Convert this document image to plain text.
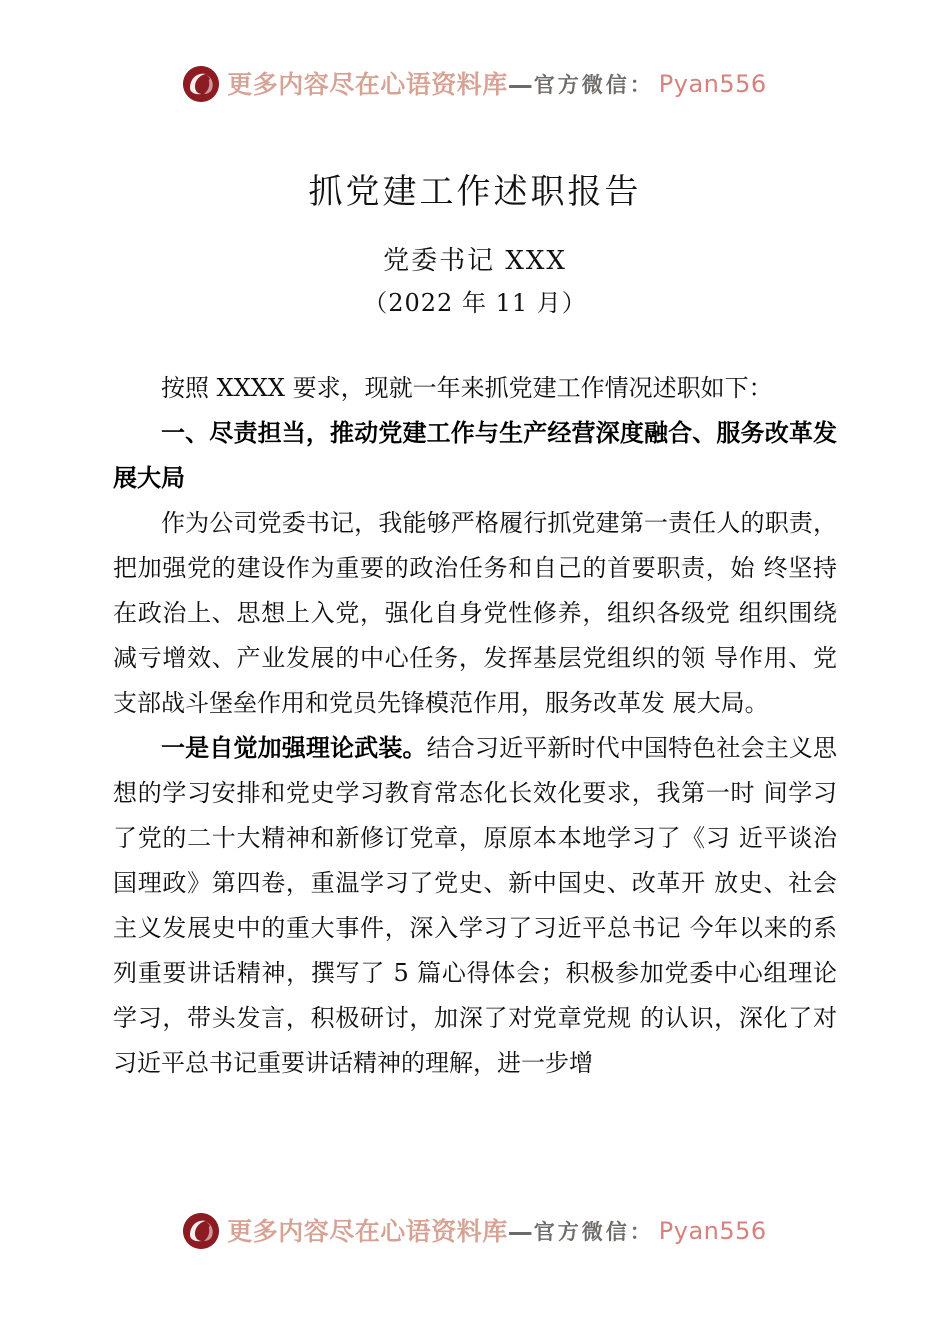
更多内容尽在心语资料库 — 官方微信： Pyan556
抓党建工作述职报告
党委书记 XXX
（2022 年 11 月）

按照 XXXX 要求，现就一年来抓党建工作情况述职如下：

一、尽责担当，推动党建工作与生产经营深度融合、服务改革发展大局

作为公司党委书记，我能够严格履行抓党建第一责任人的职责，把加强党的建设作为重要的政治任务和自己的首要职责，始 终坚持在政治上、思想上入党，强化自身党性修养，组织各级党 组织围绕减亏增效、产业发展的中心任务，发挥基层党组织的领 导作用、党支部战斗堡垒作用和党员先锋模范作用，服务改革发 展大局。

一是自觉加强理论武装。结合习近平新时代中国特色社会主义思想的学习安排和党史学习教育常态化长效化要求，我第一时 间学习了党的二十大精神和新修订党章，原原本本地学习了《习 近平谈治国理政》第四卷，重温学习了党史、新中国史、改革开 放史、社会主义发展史中的重大事件，深入学习了习近平总书记 今年以来的系列重要讲话精神，撰写了 5 篇心得体会；积极参加党委中心组理论学习，带头发言，积极研讨，加深了对党章党规 的认识，深化了对习近平总书记重要讲话精神的理解，进一步增

更多内容尽在心语资料库 — 官方微信： Pyan556
